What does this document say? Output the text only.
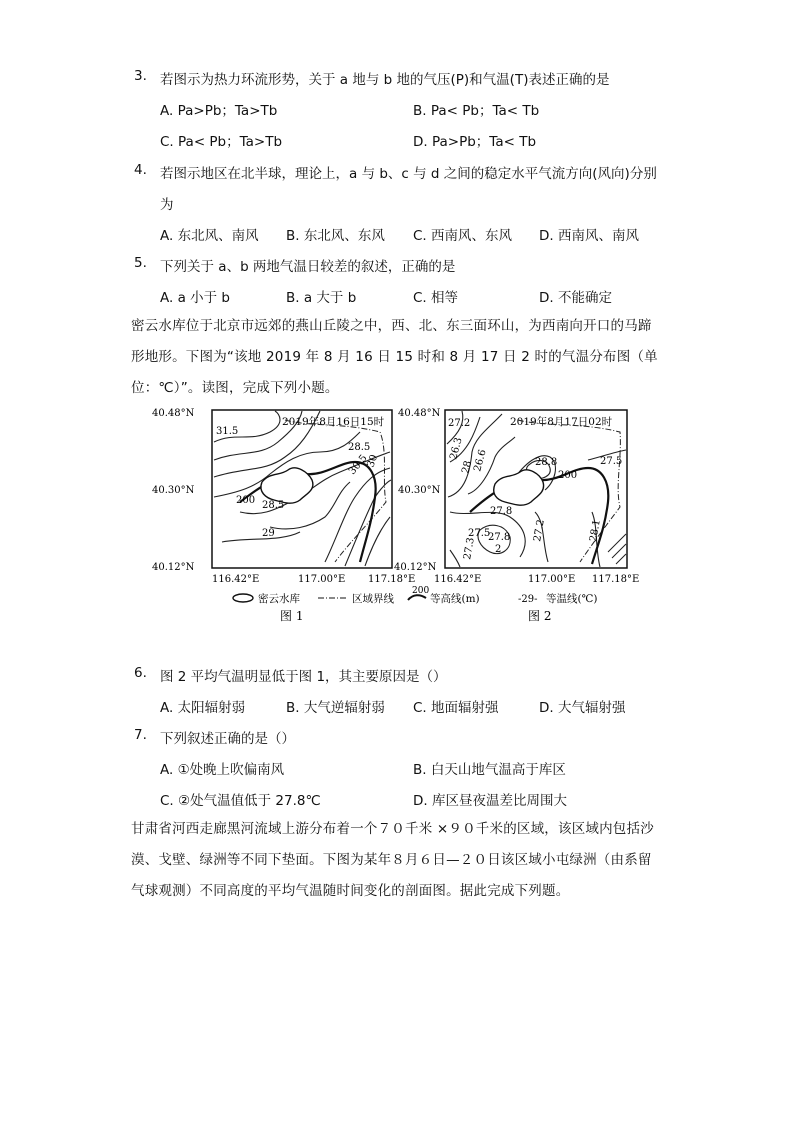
3. 若图示为热力环流形势，关于 a 地与 b 地的气压(P)和气温(T)表述正确的是
A. Pa>Pb；Ta>Tb	B. Pa< Pb；Ta< Tb
C. Pa< Pb；Ta>Tb	D. Pa>Pb；Ta< Tb
4. 若图示地区在北半球，理论上，a 与 b、c 与 d 之间的稳定水平气流方向(风向)分别
为
A. 东北风、南风 B. 东北风、东风 C. 西南风、东风 D. 西南风、南风
5. 下列关于 a、b 两地气温日较差的叙述，正确的是
A. a 小于 b	B. a 大于 b	C. 相等	D. 不能确定
密云水库位于北京市远郊的燕山丘陵之中，西、北、东三面环山，为西南向开口的马蹄形地形。下图为“该地 2019 年 8 月 16 日 15 时和 8 月 17 日 2 时的气温分布图（单位：℃）”。读图，完成下列小题。
40.48°N
40.30°N
40.12°N
116.42°E	117.00°E 117.18°E
2019年8月16日15时
31.5
28.5
30.5
30
200 28.5
29
40.48°N
40.30°N
40.12°N
116.42°E	117.00°E 117.18°E
2019年8月17日02时
27.2
26.3 26.6
28	28.8	27.5
200
27.8
27.5
27.8
2
27.2	28.1
27.3
密云水库	区域界线
200
等高线(m)	-29- 等温线(℃)
图 1	图 2
6. 图 2 平均气温明显低于图 1，其主要原因是（）
A. 太阳辐射弱	B. 大气逆辐射弱 C. 地面辐射强	D. 大气辐射强
7. 下列叙述正确的是（）
A. ①处晚上吹偏南风	B. 白天山地气温高于库区
C. ②处气温值低于 27.8℃	D. 库区昼夜温差比周围大
甘肃省河西走廊黑河流域上游分布着一个７０千米 ×９０千米的区域，该区域内包括沙漠、戈壁、绿洲等不同下垫面。下图为某年８月６日—２０日该区域小屯绿洲（由系留气球观测）不同高度的平均气温随时间变化的剖面图。据此完成下列题。
